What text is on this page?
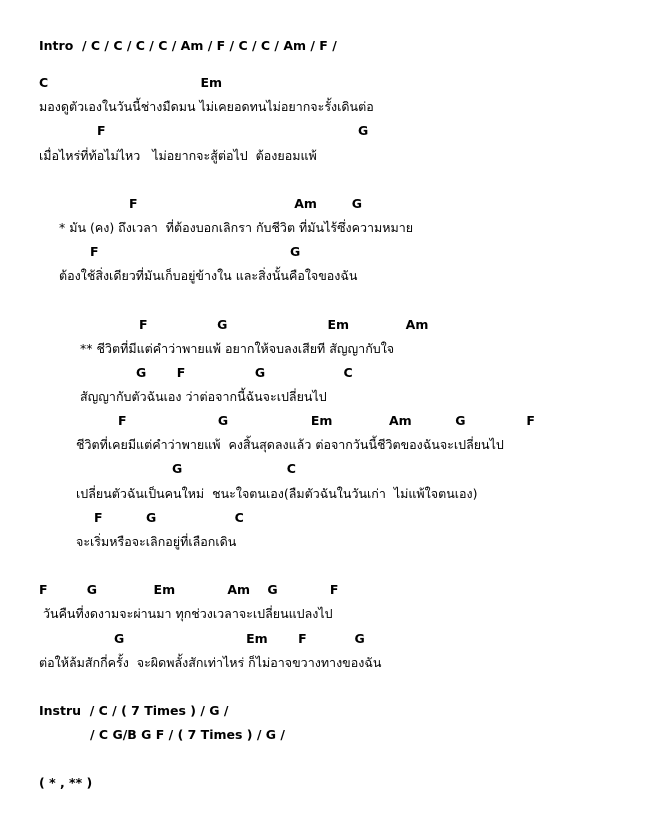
Intro  / C / C / C / C / Am / F / C / C / Am / F /
C                                   Em
มองดูตัวเองในวันนี้ช่างมืดมน ไม่เคยอดทนไม่อยากจะรั้งเดินต่อ
F                                                          G
เมื่อไหร่ที่ท้อไม่ไหว   ไม่อยากจะสู้ต่อไป  ต้องยอมแพ้
F                                    Am        G
* มัน (คง) ถึงเวลา  ที่ต้องบอกเลิกรา กับชีวิต ที่มันไร้ซึ่งความหมาย
F                                            G
ต้องใช้สิ่งเดียวที่มันเก็บอยู่ข้างใน และสิ่งนั้นคือใจของฉัน
F                G                       Em             Am
** ชีวิตที่มีแต่คำว่าพายแพ้ อยากให้จบลงเสียที สัญญากับใจ
G       F                G                  C
สัญญากับตัวฉันเอง ว่าต่อจากนี้ฉันจะเปลี่ยนไป
F                     G                   Em             Am          G              F
ชีวิตที่เคยมีแต่คำว่าพายแพ้  คงสิ้นสุดลงแล้ว ต่อจากวันนี้ชีวิตของฉันจะเปลี่ยนไป
G                        C
เปลี่ยนตัวฉันเป็นคนใหม่  ชนะใจตนเอง(ลืมตัวฉันในวันเก่า  ไม่แพ้ใจตนเอง)
F          G                  C
จะเริ่มหรือจะเลิกอยู่ที่เลือกเดิน
F         G             Em            Am    G            F
วันคืนที่งดงามจะผ่านมา ทุกช่วงเวลาจะเปลี่ยนแปลงไป
G                            Em       F           G
ต่อให้ล้มสักกี่ครั้ง  จะผิดพลั้งสักเท่าไหร่ ก็ไม่อาจขวางทางของฉัน
Instru  / C / ( 7 Times ) / G /
/ C G/B G F / ( 7 Times ) / G /
( * , ** )
